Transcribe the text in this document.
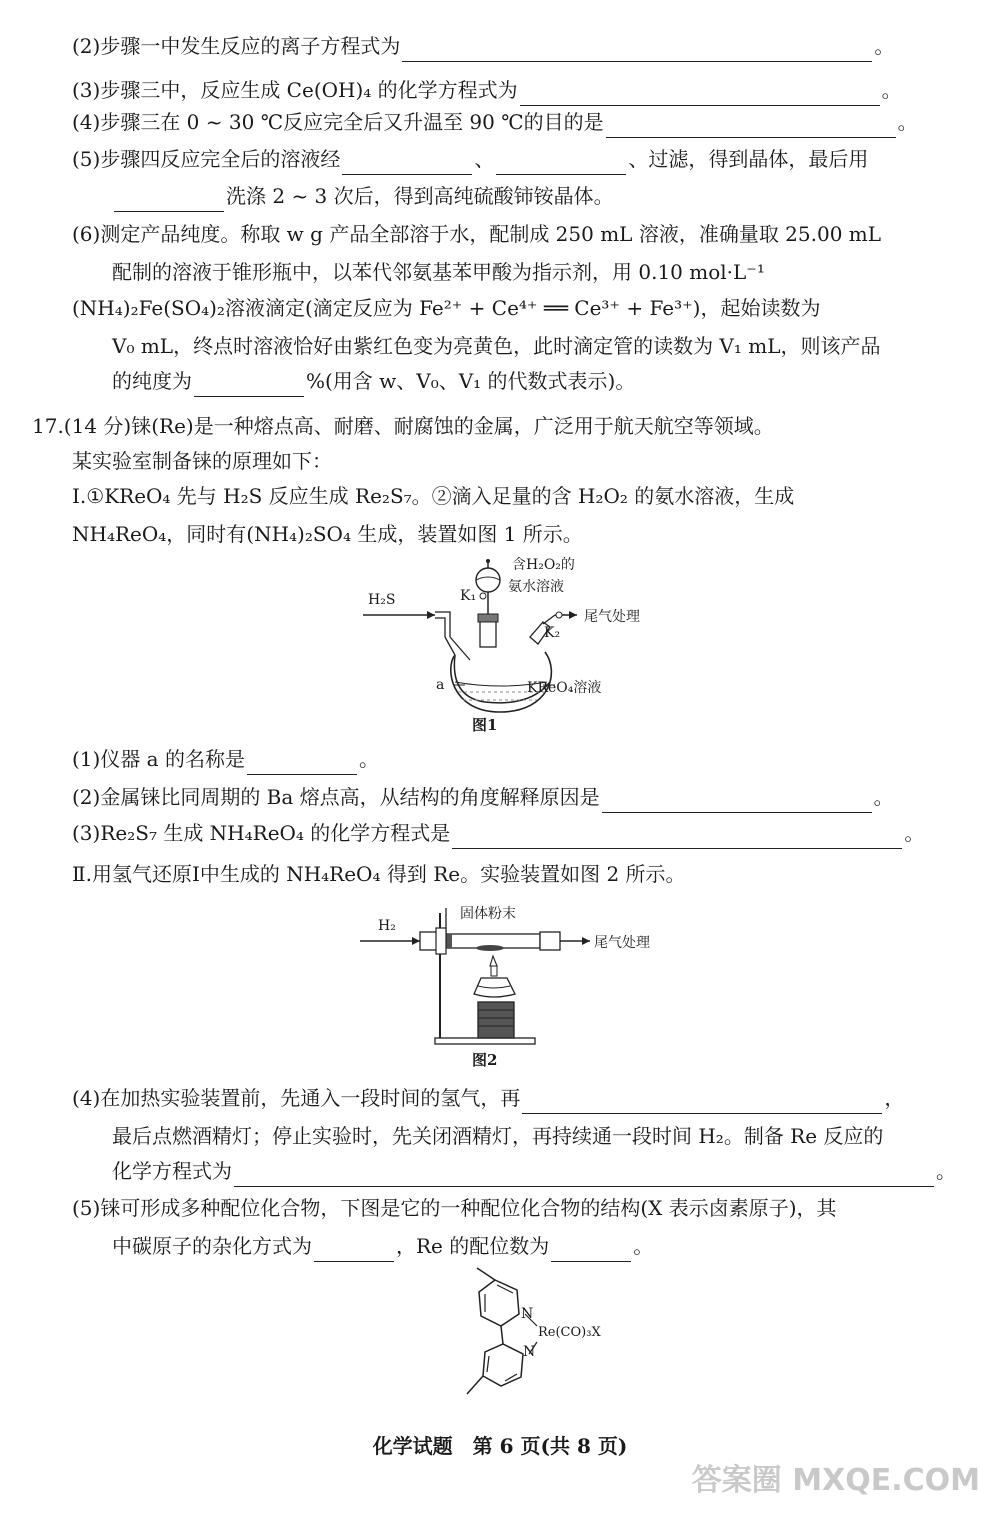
(2)步骤一中发生反应的离子方程式为	。
(3)步骤三中，反应生成 Ce(OH)₄ 的化学方程式为	。
(4)步骤三在 0 ~ 30 ℃反应完全后又升温至 90 ℃的目的是	。
(5)步骤四反应完全后的溶液经	、	、过滤，得到晶体，最后用
洗涤 2 ~ 3 次后，得到高纯硫酸铈铵晶体。
(6)测定产品纯度。称取 w g 产品全部溶于水，配制成 250 mL 溶液，准确量取 25.00 mL
配制的溶液于锥形瓶中，以苯代邻氨基苯甲酸为指示剂，用 0.10 mol·L⁻¹
(NH₄)₂Fe(SO₄)₂溶液滴定(滴定反应为 Fe²⁺ + Ce⁴⁺ ══ Ce³⁺ + Fe³⁺)，起始读数为
V₀ mL，终点时溶液恰好由紫红色变为亮黄色，此时滴定管的读数为 V₁ mL，则该产品
的纯度为	%(用含 w、V₀、V₁ 的代数式表示)。
17.(14 分)铼(Re)是一种熔点高、耐磨、耐腐蚀的金属，广泛用于航天航空等领域。
某实验室制备铼的原理如下：
Ⅰ.①KReO₄ 先与 H₂S 反应生成 Re₂S₇。②滴入足量的含 H₂O₂ 的氨水溶液，生成
NH₄ReO₄，同时有(NH₄)₂SO₄ 生成，装置如图 1 所示。
(1)仪器 a 的名称是	。
(2)金属铼比同周期的 Ba 熔点高，从结构的角度解释原因是	。
(3)Re₂S₇ 生成 NH₄ReO₄ 的化学方程式是	。
Ⅱ.用氢气还原Ⅰ中生成的 NH₄ReO₄ 得到 Re。实验装置如图 2 所示。
(4)在加热实验装置前，先通入一段时间的氢气，再	，
最后点燃酒精灯；停止实验时，先关闭酒精灯，再持续通一段时间 H₂。制备 Re 反应的
化学方程式为	。
(5)铼可形成多种配位化合物，下图是它的一种配位化合物的结构(X 表示卤素原子)，其
中碳原子的杂化方式为	，Re 的配位数为	。
H₂S
含H₂O₂的
氨水溶液
K₁
K₂
尾气处理
a	KReO₄溶液
图1
H₂
固体粉末
尾气处理
图2
N
N
Re(CO)₃X
化学试题　第 6 页(共 8 页)
答案圈 MXQE.COM
